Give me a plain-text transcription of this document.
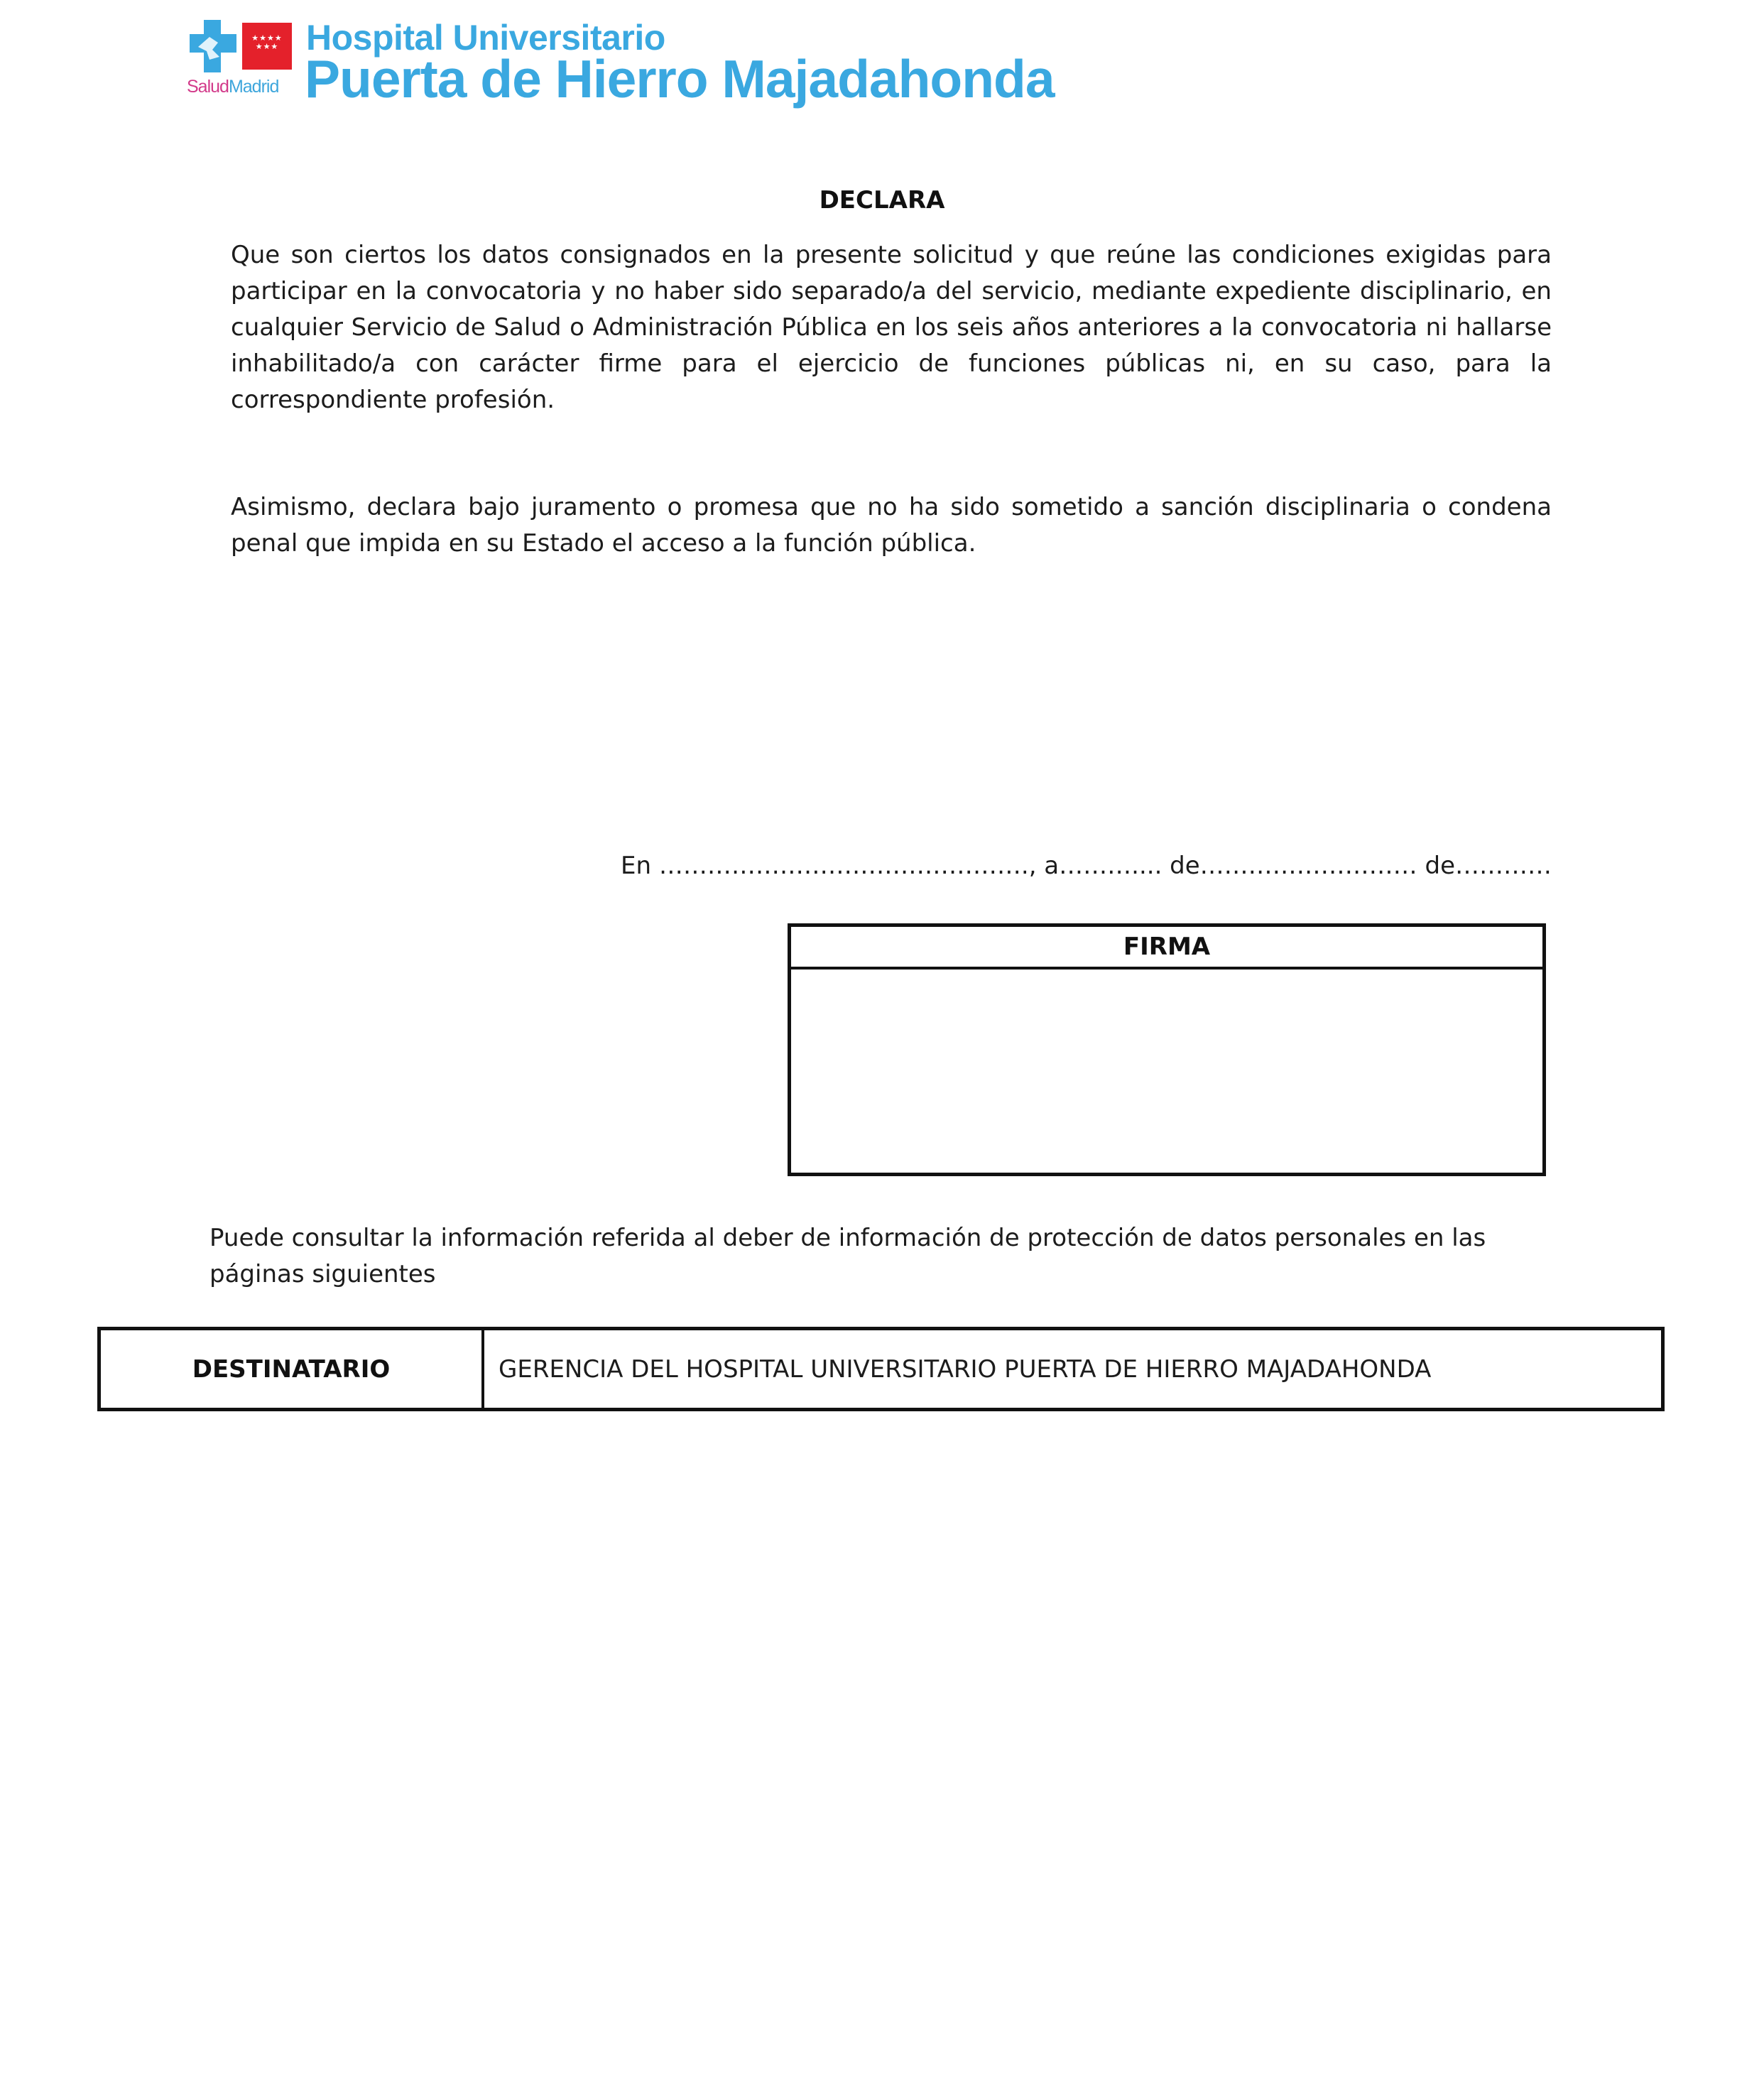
★★★★ ★★★
SaludMadrid
Hospital Universitario
Puerta de Hierro Majadahonda
DECLARA
Que son ciertos los datos consignados en la presente solicitud y que reúne las condiciones exigidas para participar en la convocatoria y no haber sido separado/a del servicio, mediante expediente disciplinario, en cualquier Servicio de Salud o Administración Pública en los seis años anteriores a la convocatoria ni hallarse inhabilitado/a con carácter firme para el ejercicio de funciones públicas ni, en su caso, para la correspondiente profesión.
Asimismo, declara bajo juramento o promesa que no ha sido sometido a sanción disciplinaria o condena penal que impida en su Estado el acceso a la función pública.
En ………………………………………., a……….... de……………………… de…………
FIRMA
Puede consultar la información referida al deber de información de protección de datos personales en las páginas siguientes
DESTINATARIO	GERENCIA DEL HOSPITAL UNIVERSITARIO PUERTA DE HIERRO MAJADAHONDA
